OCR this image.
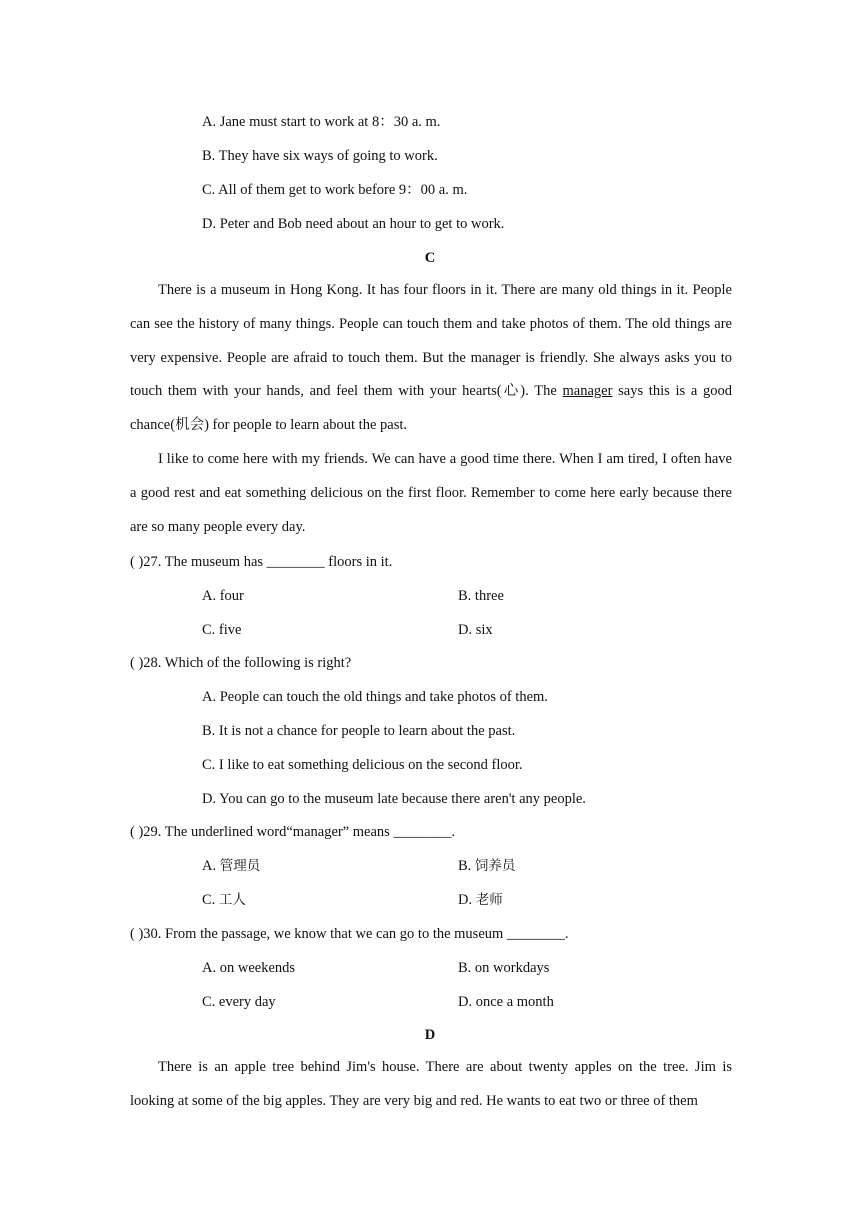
A. Jane must start to work at 8：30 a. m.
B. They have six ways of going to work.
C. All of them get to work before 9：00 a. m.
D. Peter and Bob need about an hour to get to work.
C
There is a museum in Hong Kong. It has four floors in it. There are many old things in it. People can see the history of many things. People can touch them and take photos of them. The old things are very expensive. People are afraid to touch them. But the manager is friendly. She always asks you to touch them with your hands, and feel them with your hearts(心). The manager says this is a good chance(机会) for people to learn about the past.
I like to come here with my friends. We can have a good time there. When I am tired, I often have a good rest and eat something delicious on the first floor. Remember to come here early because there are so many people every day.
( )27. The museum has ________ floors in it.
A. four	B. three
C. five	D. six
( )28. Which of the following is right?
A. People can touch the old things and take photos of them.
B. It is not a chance for people to learn about the past.
C. I like to eat something delicious on the second floor.
D. You can go to the museum late because there aren't any people.
( )29. The underlined word“manager” means ________.
A. 管理员	B. 饲养员
C. 工人	D. 老师
( )30. From the passage, we know that we can go to the museum ________.
A. on weekends	B. on workdays
C. every day	D. once a month
D
There is an apple tree behind Jim's house. There are about twenty apples on the tree. Jim is looking at some of the big apples. They are very big and red. He wants to eat two or three of them
